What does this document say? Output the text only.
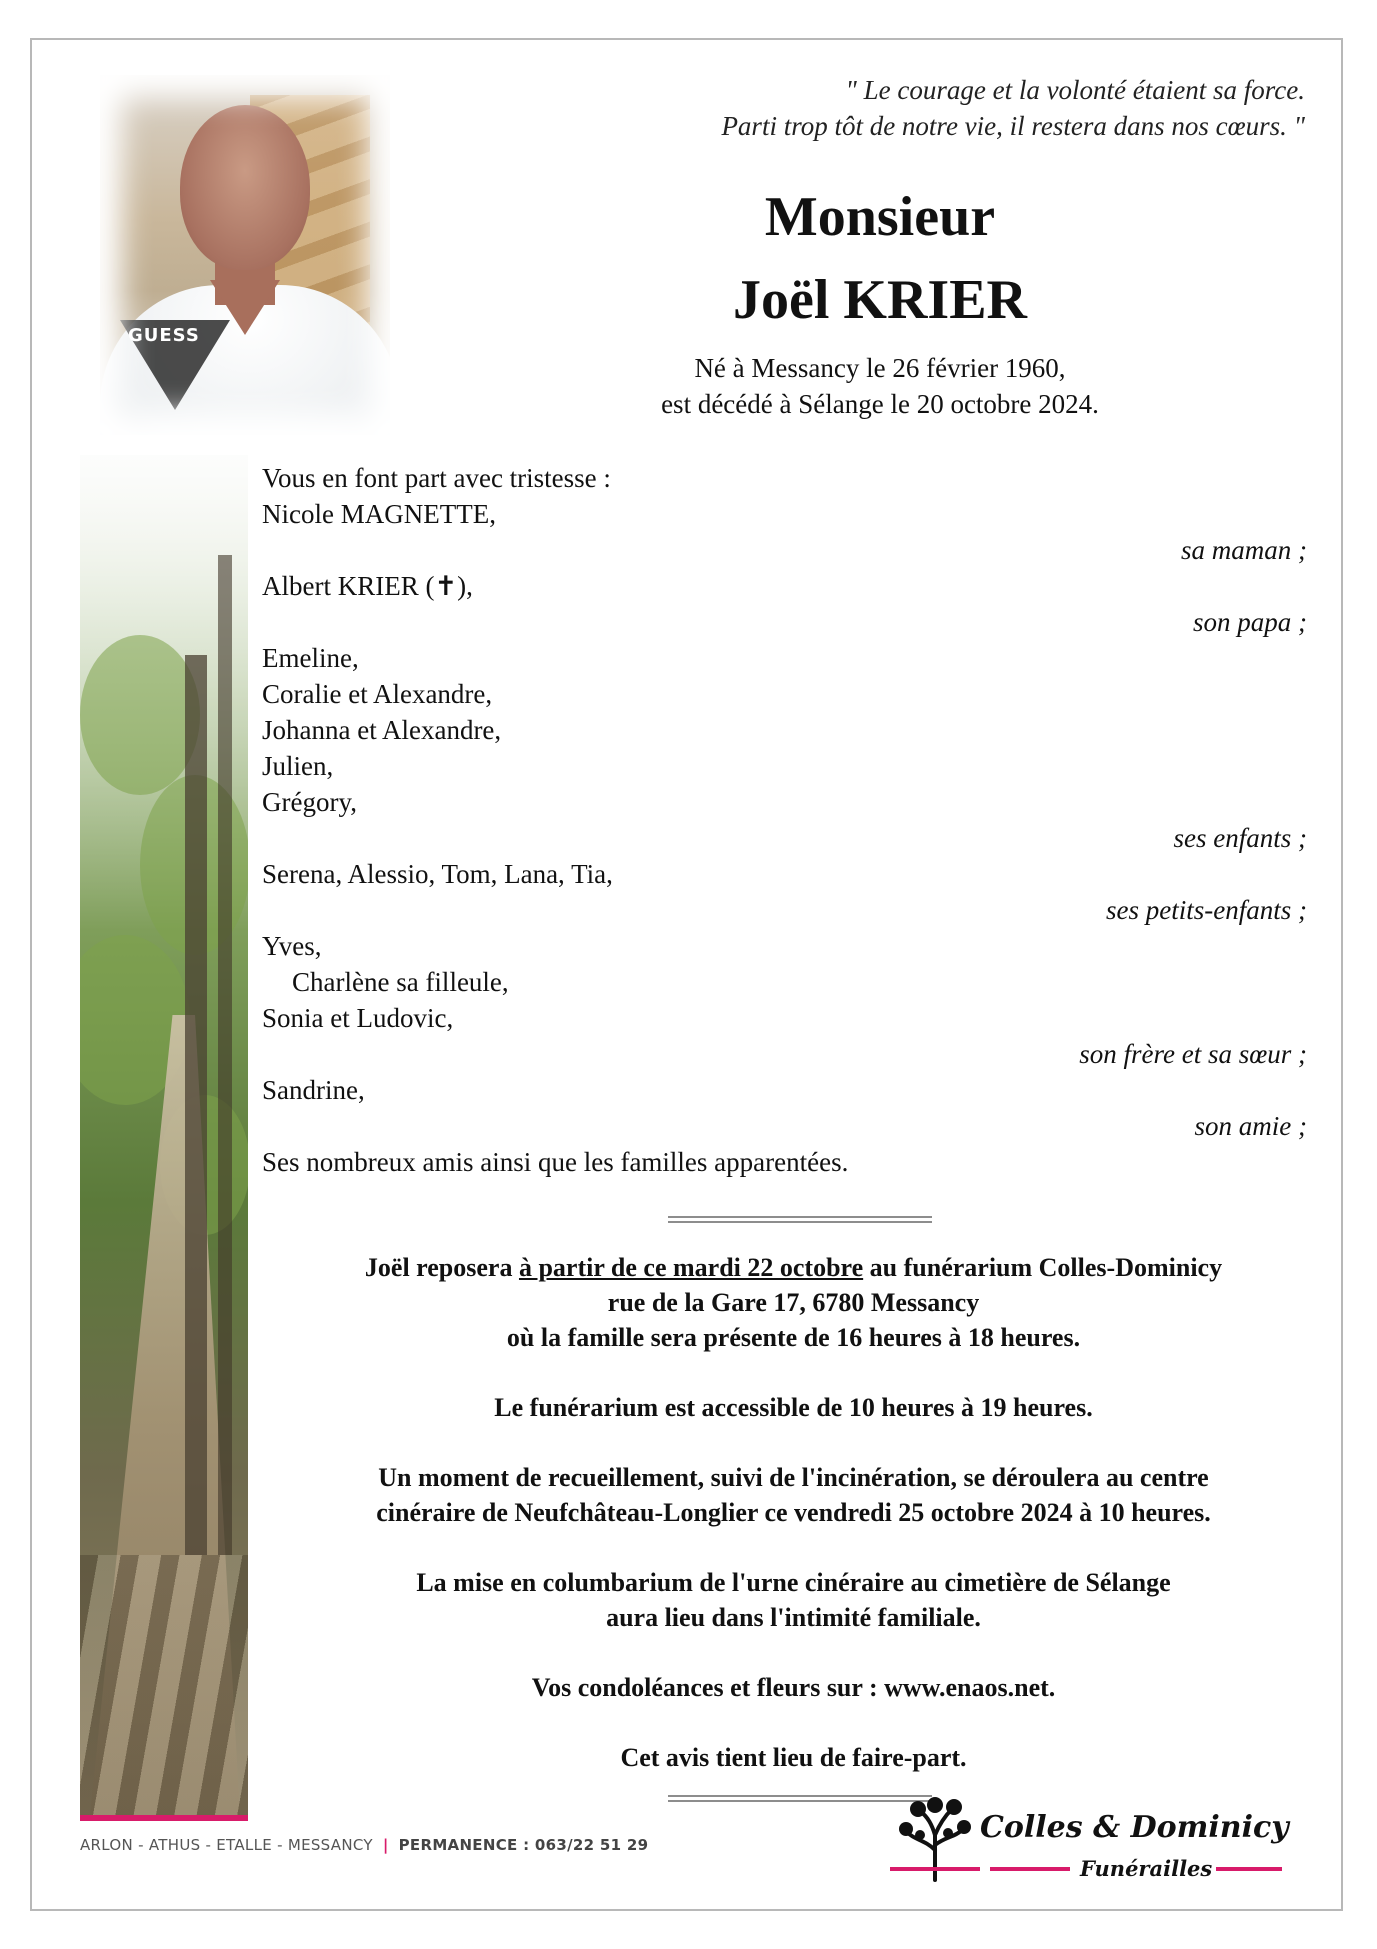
GUESS
" Le courage et la volonté étaient sa force.
Parti trop tôt de notre vie, il restera dans nos cœurs. "
Monsieur
Joël KRIER
Né à Messancy le 26 février 1960,
est décédé à Sélange le 20 octobre 2024.
Vous en font part avec tristesse :
Nicole MAGNETTE,
sa maman ;
Albert KRIER (✝),
son papa ;
Emeline,
Coralie et Alexandre,
Johanna et Alexandre,
Julien,
Grégory,
ses enfants ;
Serena, Alessio, Tom, Lana, Tia,
ses petits-enfants ;
Yves,
Charlène sa filleule,
Sonia et Ludovic,
son frère et sa sœur ;
Sandrine,
son amie ;
Ses nombreux amis ainsi que les familles apparentées.
Joël reposera à partir de ce mardi 22 octobre au funérarium Colles-Dominicy
rue de la Gare 17, 6780 Messancy
où la famille sera présente de 16 heures à 18 heures.
Le funérarium est accessible de 10 heures à 19 heures.
Un moment de recueillement, suivi de l'incinération, se déroulera au centre
cinéraire de Neufchâteau-Longlier ce vendredi 25 octobre 2024 à 10 heures.
La mise en columbarium de l'urne cinéraire au cimetière de Sélange
aura lieu dans l'intimité familiale.
Vos condoléances et fleurs sur : www.enaos.net.
Cet avis tient lieu de faire-part.
ARLON - ATHUS - ETALLE - MESSANCY | PERMANENCE : 063/22 51 29	Colles & Dominicy
Funérailles
